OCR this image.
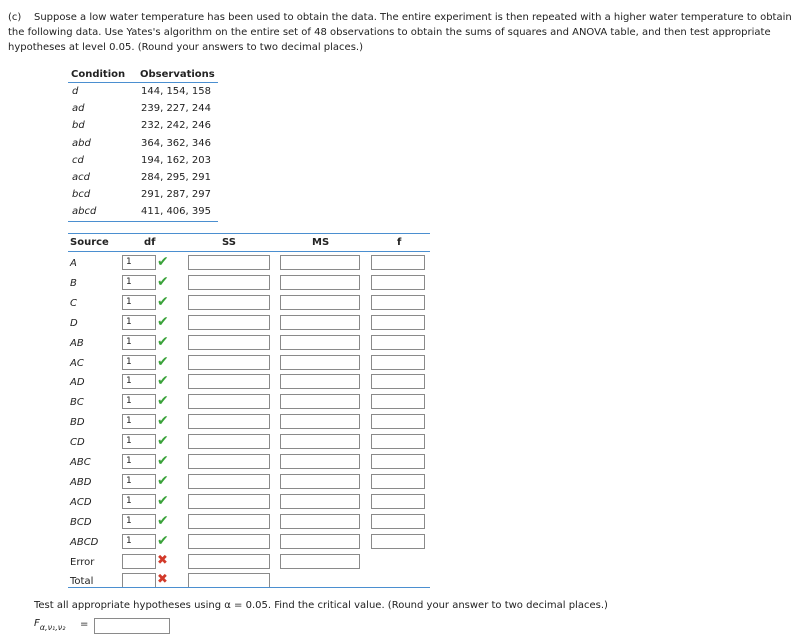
(c) Suppose a low water temperature has been used to obtain the data. The entire experiment is then repeated with a higher water temperature to obtain the following data. Use Yates's algorithm on the entire set of 48 observations to obtain the sums of squares and ANOVA table, and then test appropriate hypotheses at level 0.05. (Round your answers to two decimal places.)
Condition	Observations
d	144, 154, 158
ad	239, 227, 244
bd	232, 242, 246
abd	364, 362, 346
cd	194, 162, 203
acd	284, 295, 291
bcd	291, 287, 297
abcd	411, 406, 395
Source	df	SS	MS	f
A	1 ✔
B	1 ✔
C	1 ✔
D	1 ✔
AB	1 ✔
AC	1 ✔
AD	1 ✔
BC	1 ✔
BD	1 ✔
CD	1 ✔
ABC	1 ✔
ABD	1 ✔
ACD	1 ✔
BCD	1 ✔
ABCD	1 ✔
Error	✖
Total	✖
Test all appropriate hypotheses using α = 0.05. Find the critical value. (Round your answer to two decimal places.)
$F_{\alpha,\nu_1,\nu_2}$ =
